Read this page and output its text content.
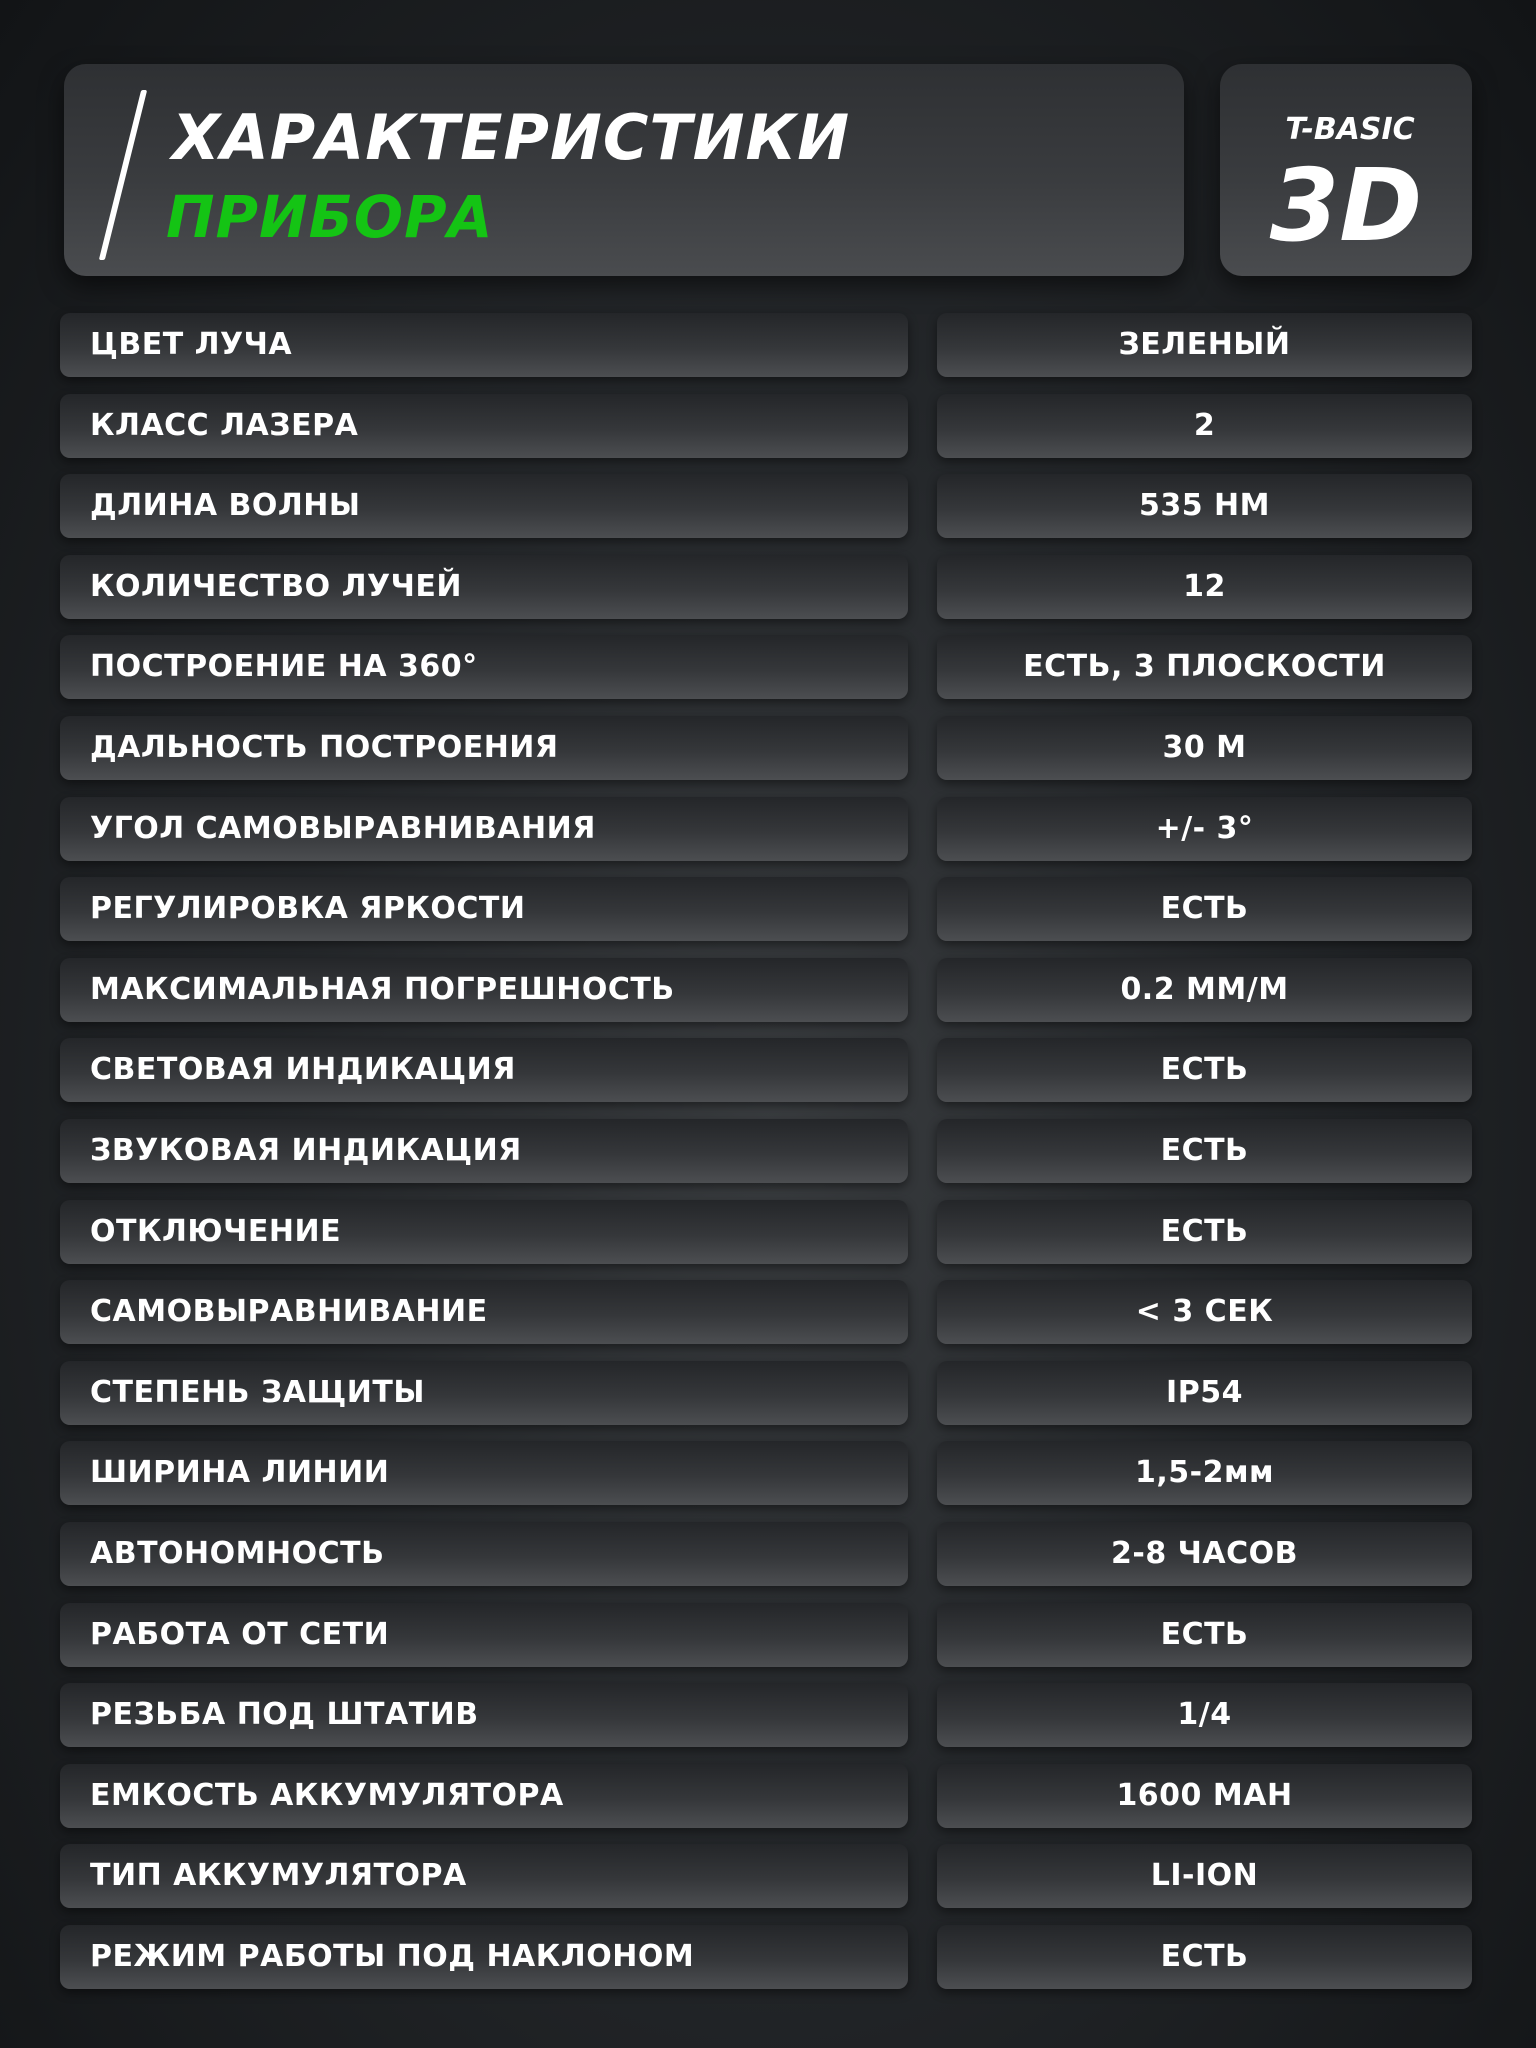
ХАРАКТЕРИСТИКИ
ПРИБОРА
T-BASIC
3D
ЦВЕТ ЛУЧА	ЗЕЛЕНЫЙ
КЛАСС ЛАЗЕРА	2
ДЛИНА ВОЛНЫ	535 НМ
КОЛИЧЕСТВО ЛУЧЕЙ	12
ПОСТРОЕНИЕ НА 360°	ЕСТЬ, 3 ПЛОСКОСТИ
ДАЛЬНОСТЬ ПОСТРОЕНИЯ	30 М
УГОЛ САМОВЫРАВНИВАНИЯ	+/- 3°
РЕГУЛИРОВКА ЯРКОСТИ	ЕСТЬ
МАКСИМАЛЬНАЯ ПОГРЕШНОСТЬ	0.2 ММ/М
СВЕТОВАЯ ИНДИКАЦИЯ	ЕСТЬ
ЗВУКОВАЯ ИНДИКАЦИЯ	ЕСТЬ
ОТКЛЮЧЕНИЕ	ЕСТЬ
САМОВЫРАВНИВАНИЕ	< 3 СЕК
СТЕПЕНЬ ЗАЩИТЫ	IP54
ШИРИНА ЛИНИИ	1,5-2мм
АВТОНОМНОСТЬ	2-8 ЧАСОВ
РАБОТА ОТ СЕТИ	ЕСТЬ
РЕЗЬБА ПОД ШТАТИВ	1/4
ЕМКОСТЬ АККУМУЛЯТОРА	1600 MAH
ТИП АККУМУЛЯТОРА	LI-ION
РЕЖИМ РАБОТЫ ПОД НАКЛОНОМ	ЕСТЬ
